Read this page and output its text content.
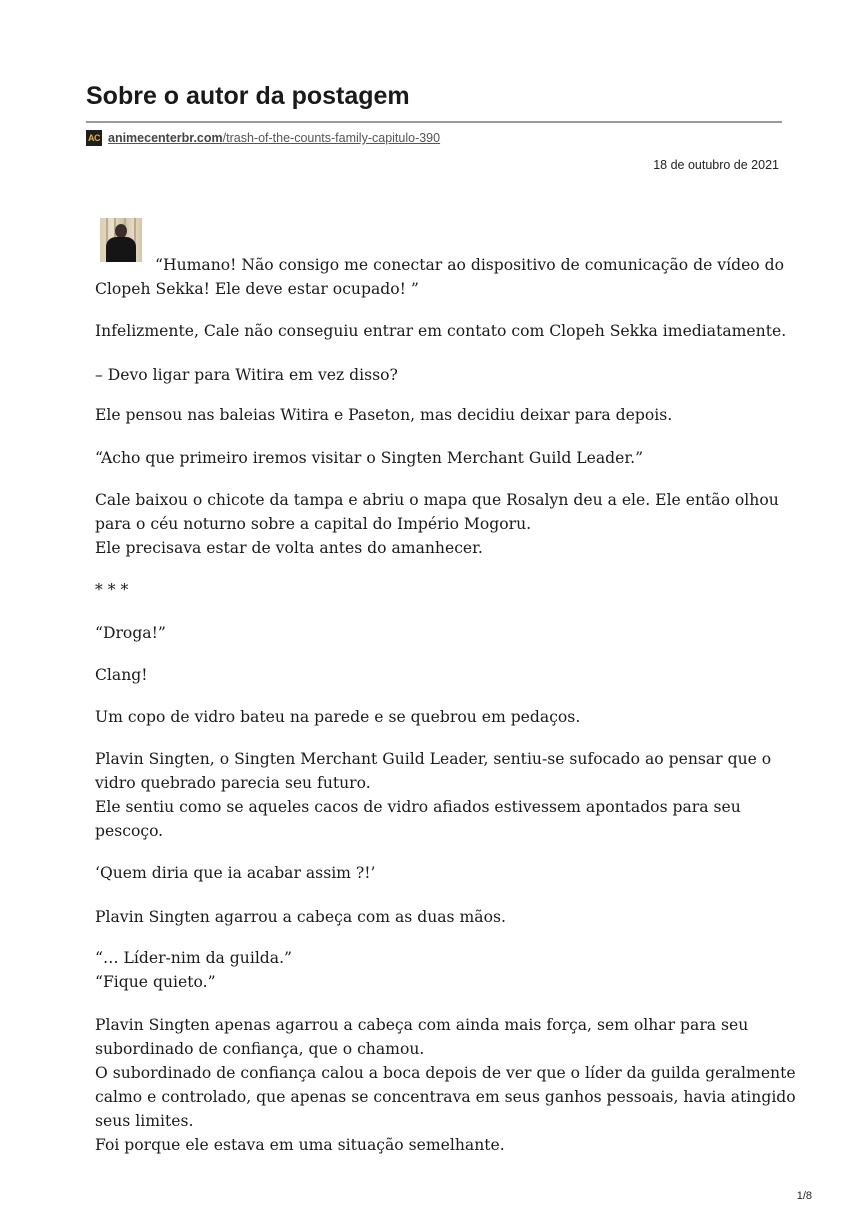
Sobre o autor da postagem
AC animecenterbr.com/trash-of-the-counts-family-capitulo-390
18 de outubro de 2021

“Humano! Não consigo me conectar ao dispositivo de comunicação de vídeo do
Clopeh Sekka! Ele deve estar ocupado! ”

Infelizmente, Cale não conseguiu entrar em contato com Clopeh Sekka imediatamente.

– Devo ligar para Witira em vez disso?

Ele pensou nas baleias Witira e Paseton, mas decidiu deixar para depois.

“Acho que primeiro iremos visitar o Singten Merchant Guild Leader.”

Cale baixou o chicote da tampa e abriu o mapa que Rosalyn deu a ele. Ele então olhou
para o céu noturno sobre a capital do Império Mogoru.
Ele precisava estar de volta antes do amanhecer.

* * *

“Droga!”

Clang!

Um copo de vidro bateu na parede e se quebrou em pedaços.

Plavin Singten, o Singten Merchant Guild Leader, sentiu-se sufocado ao pensar que o
vidro quebrado parecia seu futuro.
Ele sentiu como se aqueles cacos de vidro afiados estivessem apontados para seu
pescoço.

‘Quem diria que ia acabar assim ?!’

Plavin Singten agarrou a cabeça com as duas mãos.

“… Líder-nim da guilda.”
“Fique quieto.”

Plavin Singten apenas agarrou a cabeça com ainda mais força, sem olhar para seu
subordinado de confiança, que o chamou.
O subordinado de confiança calou a boca depois de ver que o líder da guilda geralmente
calmo e controlado, que apenas se concentrava em seus ganhos pessoais, havia atingido
seus limites.
Foi porque ele estava em uma situação semelhante.

1/8
